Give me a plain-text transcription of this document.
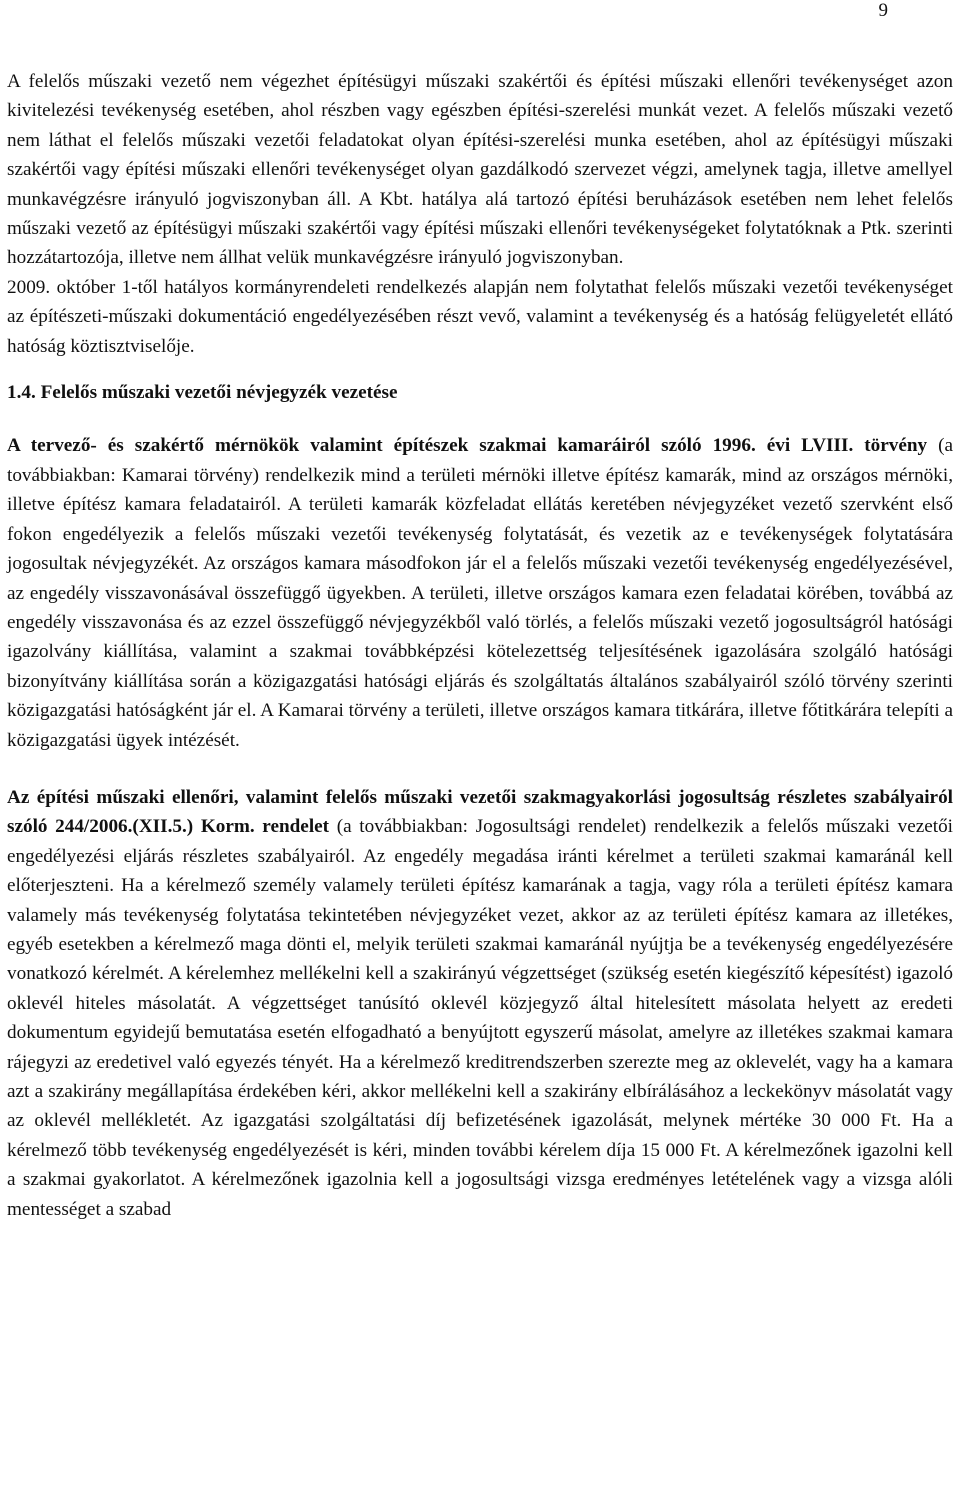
9

A felelős műszaki vezető nem végezhet építésügyi műszaki szakértői és építési műszaki ellenőri tevékenységet azon kivitelezési tevékenység esetében, ahol részben vagy egészben építési-szerelési munkát vezet. A felelős műszaki vezető nem láthat el felelős műszaki vezetői feladatokat olyan építési-szerelési munka esetében, ahol az építésügyi műszaki szakértői vagy építési műszaki ellenőri tevékenységet olyan gazdálkodó szervezet végzi, amelynek tagja, illetve amellyel munkavégzésre irányuló jogviszonyban áll. A Kbt. hatálya alá tartozó építési beruházások esetében nem lehet felelős műszaki vezető az építésügyi műszaki szakértői vagy építési műszaki ellenőri tevékenységeket folytatóknak a Ptk. szerinti hozzátartozója, illetve nem állhat velük munkavégzésre irányuló jogviszonyban.

2009. október 1-től hatályos kormányrendeleti rendelkezés alapján nem folytathat felelős műszaki vezetői tevékenységet az építészeti-műszaki dokumentáció engedélyezésében részt vevő, valamint a tevékenység és a hatóság felügyeletét ellátó hatóság köztisztviselője.

1.4. Felelős műszaki vezetői névjegyzék vezetése

A tervező- és szakértő mérnökök valamint építészek szakmai kamaráiról szóló 1996. évi LVIII. törvény (a továbbiakban: Kamarai törvény) rendelkezik mind a területi mérnöki illetve építész kamarák, mind az országos mérnöki, illetve építész kamara feladatairól. A területi kamarák közfeladat ellátás keretében névjegyzéket vezető szervként első fokon engedélyezik a felelős műszaki vezetői tevékenység folytatását, és vezetik az e tevékenységek folytatására jogosultak névjegyzékét. Az országos kamara másodfokon jár el a felelős műszaki vezetői tevékenység engedélyezésével, az engedély visszavonásával összefüggő ügyekben. A területi, illetve országos kamara ezen feladatai körében, továbbá az engedély visszavonása és az ezzel összefüggő névjegyzékből való törlés, a felelős műszaki vezető jogosultságról hatósági igazolvány kiállítása, valamint a szakmai továbbképzési kötelezettség teljesítésének igazolására szolgáló hatósági bizonyítvány kiállítása során a közigazgatási hatósági eljárás és szolgáltatás általános szabályairól szóló törvény szerinti közigazgatási hatóságként jár el. A Kamarai törvény a területi, illetve országos kamara titkárára, illetve főtitkárára telepíti a közigazgatási ügyek intézését.

Az építési műszaki ellenőri, valamint felelős műszaki vezetői szakmagyakorlási jogosultság részletes szabályairól szóló 244/2006.(XII.5.) Korm. rendelet (a továbbiakban: Jogosultsági rendelet) rendelkezik a felelős műszaki vezetői engedélyezési eljárás részletes szabályairól. Az engedély megadása iránti kérelmet a területi szakmai kamaránál kell előterjeszteni. Ha a kérelmező személy valamely területi építész kamarának a tagja, vagy róla a területi építész kamara valamely más tevékenység folytatása tekintetében névjegyzéket vezet, akkor az az területi építész kamara az illetékes, egyéb esetekben a kérelmező maga dönti el, melyik területi szakmai kamaránál nyújtja be a tevékenység engedélyezésére vonatkozó kérelmét. A kérelemhez mellékelni kell a szakirányú végzettséget (szükség esetén kiegészítő képesítést) igazoló oklevél hiteles másolatát. A végzettséget tanúsító oklevél közjegyző által hitelesített másolata helyett az eredeti dokumentum egyidejű bemutatása esetén elfogadható a benyújtott egyszerű másolat, amelyre az illetékes szakmai kamara rájegyzi az eredetivel való egyezés tényét. Ha a kérelmező kreditrendszerben szerezte meg az oklevelét, vagy ha a kamara azt a szakirány megállapítása érdekében kéri, akkor mellékelni kell a szakirány elbírálásához a leckekönyv másolatát vagy az oklevél mellékletét. Az igazgatási szolgáltatási díj befizetésének igazolását, melynek mértéke 30 000 Ft. Ha a kérelmező több tevékenység engedélyezését is kéri, minden további kérelem díja 15 000 Ft. A kérelmezőnek igazolni kell a szakmai gyakorlatot. A kérelmezőnek igazolnia kell a jogosultsági vizsga eredményes letételének vagy a vizsga alóli mentességet a szabad
